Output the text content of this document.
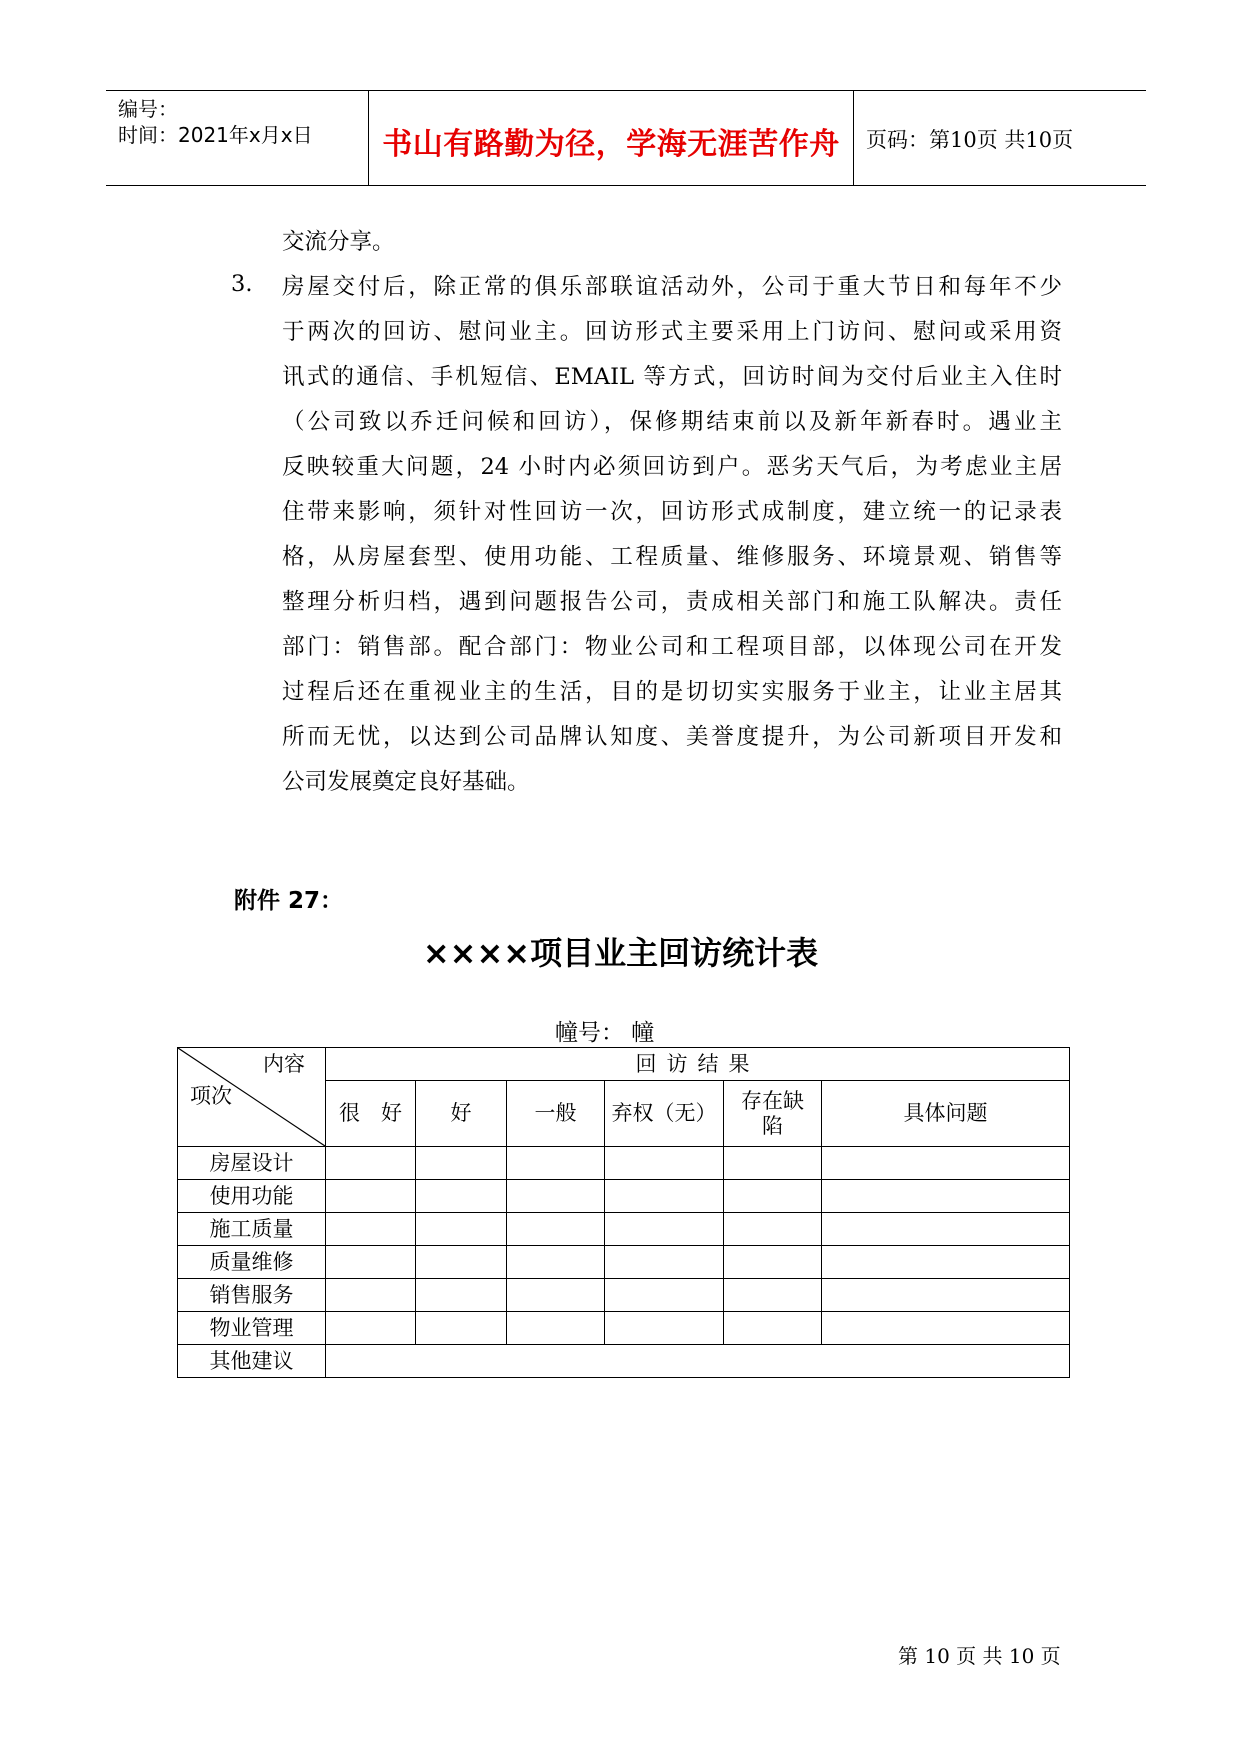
编号：
时间：2021年x月x日	书山有路勤为径，学海无涯苦作舟	页码：第10页 共10页
交流分享。
3. 房屋交付后，除正常的俱乐部联谊活动外，公司于重大节日和每年不少
于两次的回访、慰问业主。回访形式主要采用上门访问、慰问或采用资
讯式的通信、手机短信、EMAIL 等方式，回访时间为交付后业主入住时
（公司致以乔迁问候和回访），保修期结束前以及新年新春时。遇业主
反映较重大问题，24 小时内必须回访到户。恶劣天气后，为考虑业主居
住带来影响，须针对性回访一次，回访形式成制度，建立统一的记录表
格，从房屋套型、使用功能、工程质量、维修服务、环境景观、销售等
整理分析归档，遇到问题报告公司，责成相关部门和施工队解决。责任
部门：销售部。配合部门：物业公司和工程项目部，以体现公司在开发
过程后还在重视业主的生活，目的是切切实实服务于业主，让业主居其
所而无忧，以达到公司品牌认知度、美誉度提升，为公司新项目开发和
公司发展奠定良好基础。
附件 27：
××××项目业主回访统计表
幢号： 幢
内容
项次	回访结果					
	很　好	好	一般	弃权（无）	存在缺陷	具体问题
房屋设计						
使用功能						
施工质量						
质量维修						
销售服务						
物业管理						
其他建议						
第 10 页 共 10 页
